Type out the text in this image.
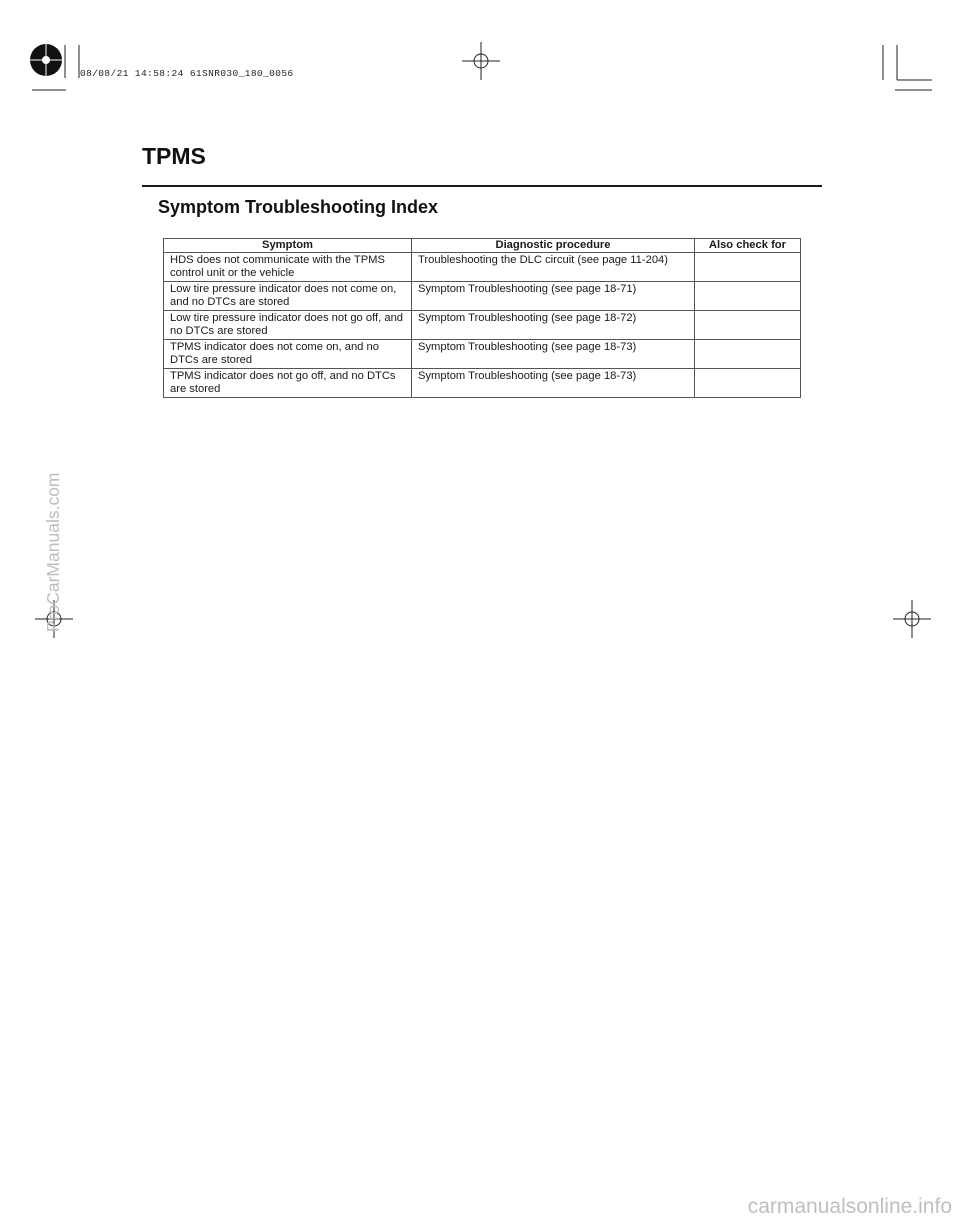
08/08/21 14:58:24 61SNR030_180_0056
TPMS
Symptom Troubleshooting Index
Symptom	Diagnostic procedure	Also check for
HDS does not communicate with the TPMS control unit or the vehicle	Troubleshooting the DLC circuit (see page 11-204)	
Low tire pressure indicator does not come on, and no DTCs are stored	Symptom Troubleshooting (see page 18-71)	
Low tire pressure indicator does not go off, and no DTCs are stored	Symptom Troubleshooting (see page 18-72)	
TPMS indicator does not come on, and no DTCs are stored	Symptom Troubleshooting (see page 18-73)	
TPMS indicator does not go off, and no DTCs are stored	Symptom Troubleshooting (see page 18-73)	
ProCarManuals.com
carmanualsonline.info
